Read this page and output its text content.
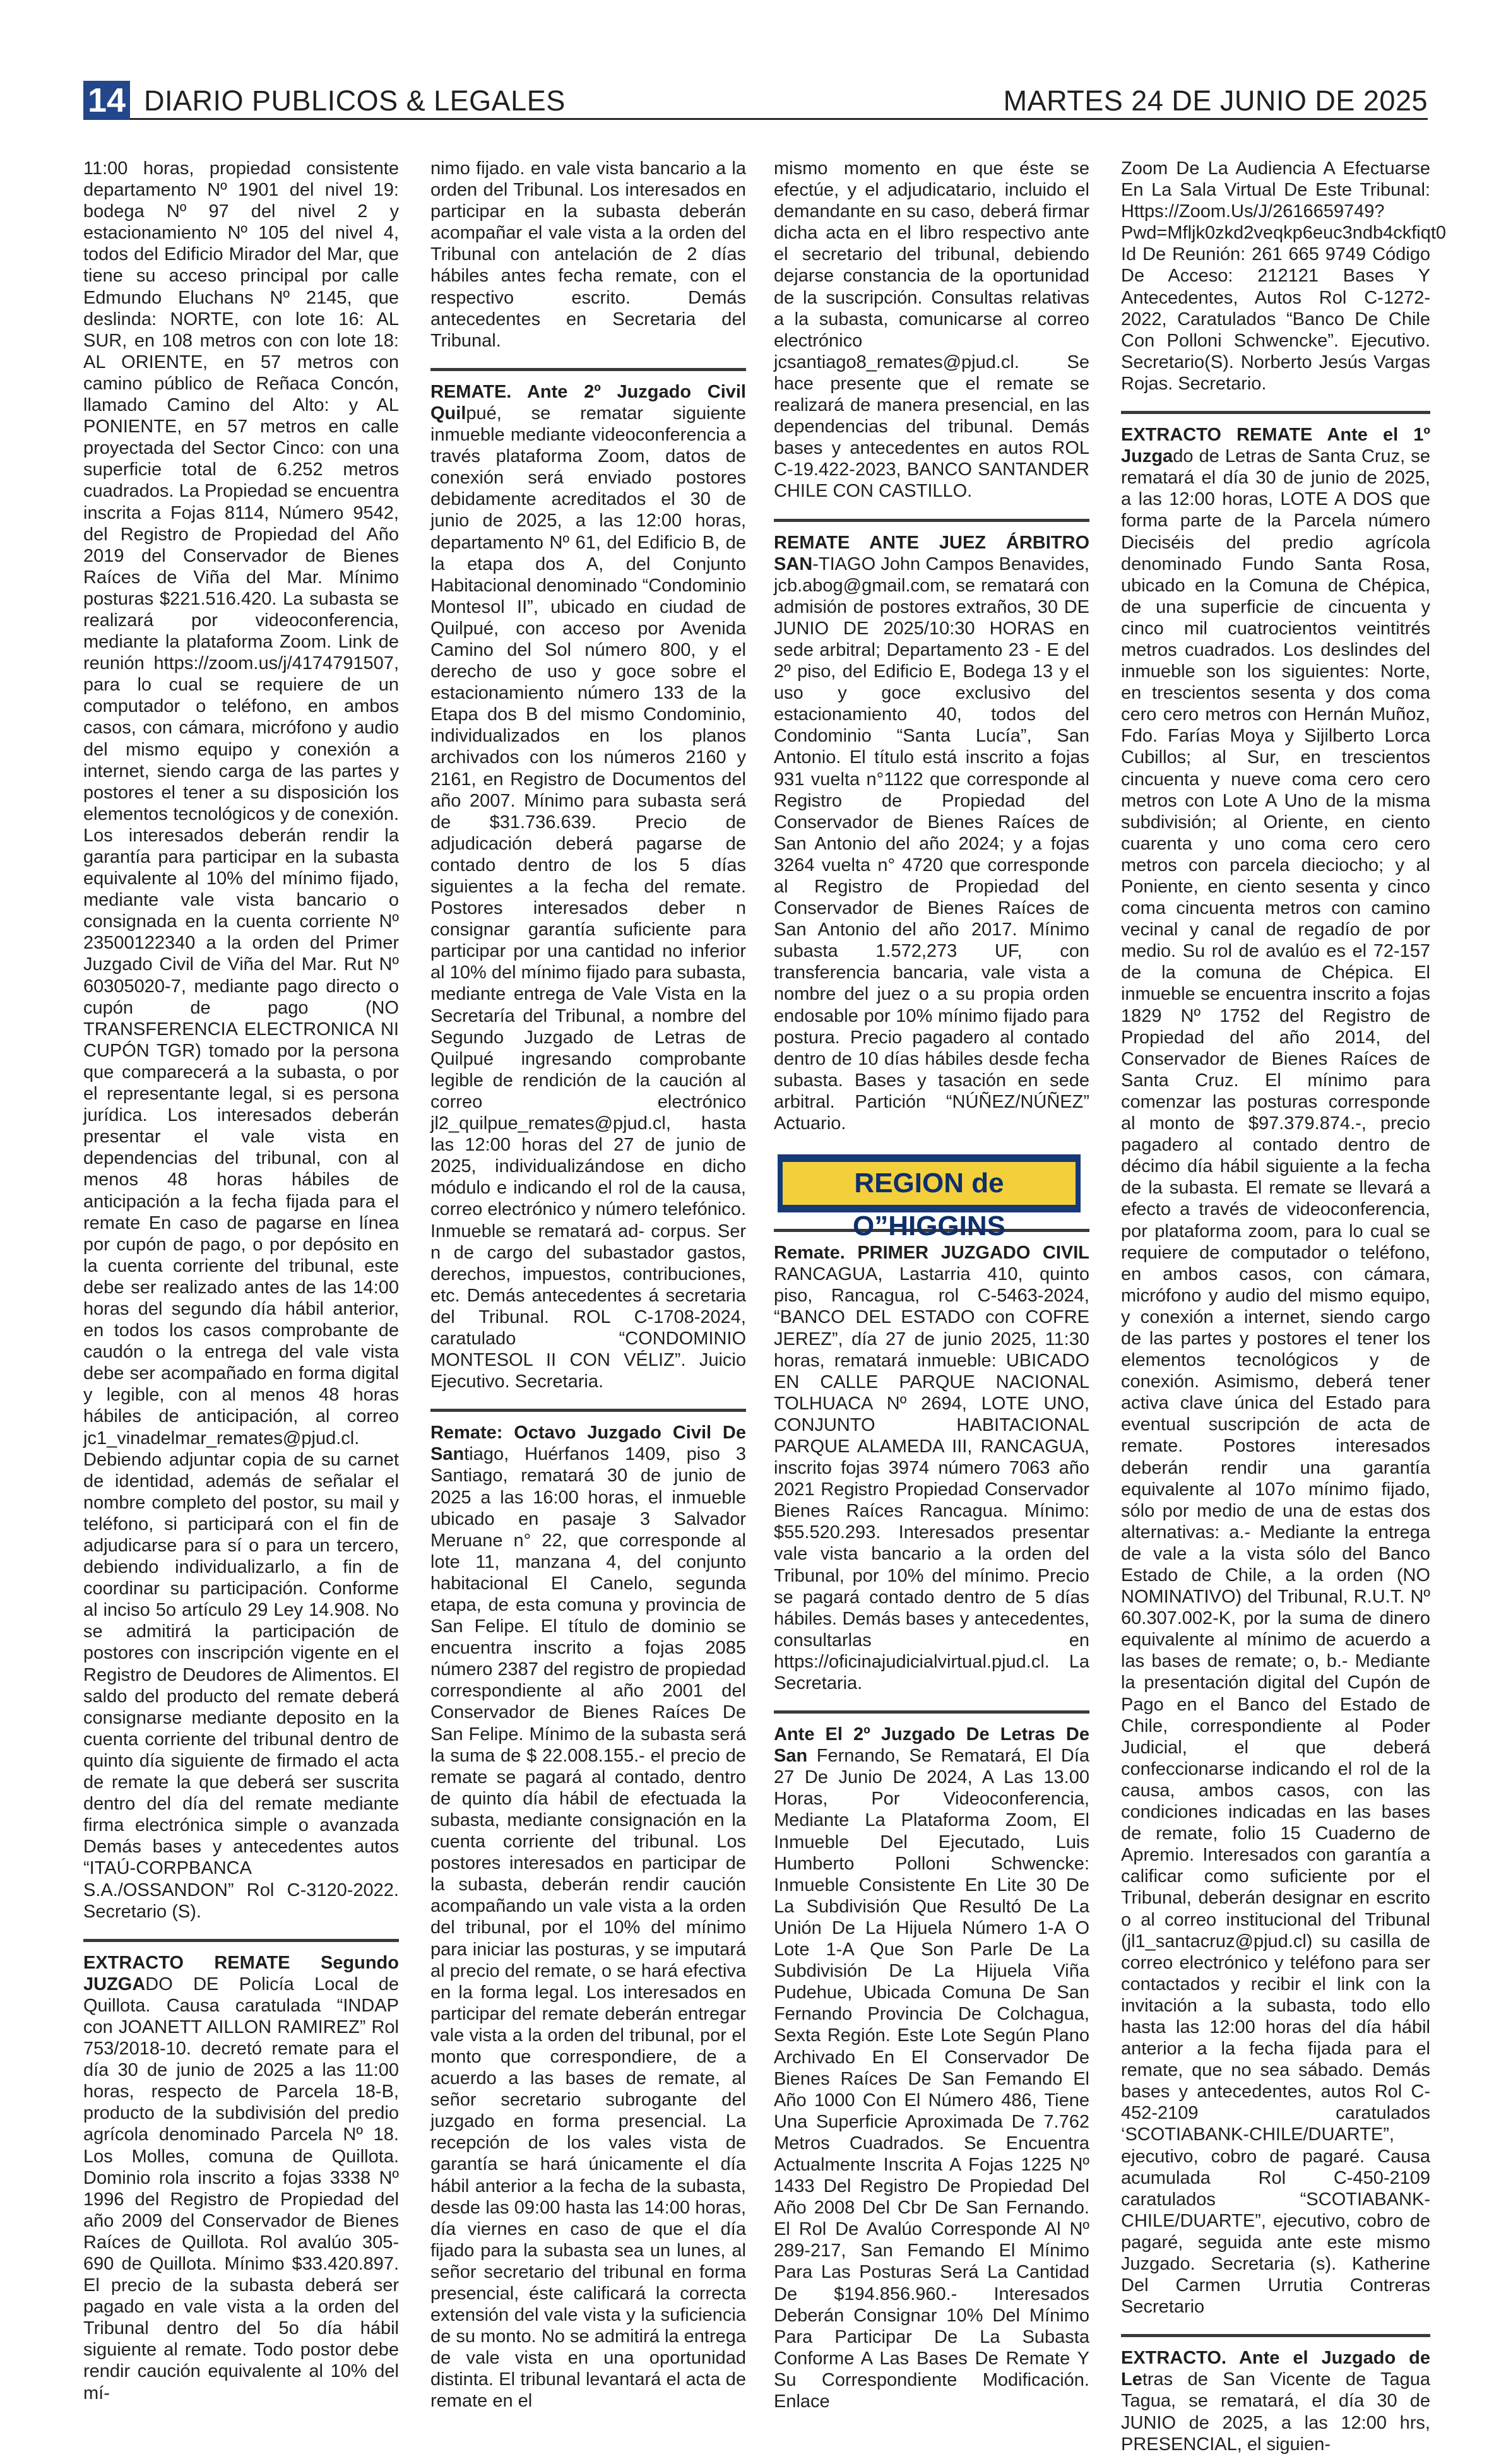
14 DIARIO PUBLICOS & LEGALES	MARTES 24 DE JUNIO DE 2025

11:00 horas, propiedad consistente departamento Nº 1901 del nivel 19: bodega Nº 97 del nivel 2 y estacionamiento Nº 105 del nivel 4, todos del Edificio Mirador del Mar, que tiene su acceso principal por calle Edmundo Eluchans Nº 2145, que deslinda: NORTE, con lote 16: AL SUR, en 108 metros con con lote 18: AL ORIENTE, en 57 metros con camino público de Reñaca Concón, llamado Camino del Alto: y AL PONIENTE, en 57 metros en calle proyectada del Sector Cinco: con una superficie total de 6.252 metros cuadrados. La Propiedad se encuentra inscrita a Fojas 8114, Número 9542, del Registro de Propiedad del Año 2019 del Conservador de Bienes Raíces de Viña del Mar. Mínimo posturas $221.516.420. La subasta se realizará por videoconferencia, mediante la plataforma Zoom. Link de reunión https://zoom.us/j/4174791507, para lo cual se requiere de un computador o teléfono, en ambos casos, con cámara, micrófono y audio del mismo equipo y conexión a internet, siendo carga de las partes y postores el tener a su disposición los elementos tecnológicos y de conexión. Los interesados deberán rendir la garantía para participar en la subasta equivalente al 10% del mínimo fijado, mediante vale vista bancario o consignada en la cuenta corriente Nº 23500122340 a la orden del Primer Juzgado Civil de Viña del Mar. Rut Nº 60305020-7, mediante pago directo o cupón de pago (NO TRANSFERENCIA ELECTRONICA NI CUPÓN TGR) tomado por la persona que comparecerá a la subasta, o por el representante legal, si es persona jurídica. Los interesados deberán presentar el vale vista en dependencias del tribunal, con al menos 48 horas hábiles de anticipación a la fecha fijada para el remate En caso de pagarse en línea por cupón de pago, o por depósito en la cuenta corriente del tribunal, este debe ser realizado antes de las 14:00 horas del segundo día hábil anterior, en todos los casos comprobante de caudón o la entrega del vale vista debe ser acompañado en forma digital y legible, con al menos 48 horas hábiles de anticipación, al correo jc1_vinadelmar_remates@pjud.cl. Debiendo adjuntar copia de su carnet de identidad, además de señalar el nombre completo del postor, su mail y teléfono, si participará con el fin de adjudicarse para sí o para un tercero, debiendo individualizarlo, a fin de coordinar su participación. Conforme al inciso 5o artículo 29 Ley 14.908. No se admitirá la participación de postores con inscripción vigente en el Registro de Deudores de Alimentos. El saldo del producto del remate deberá consignarse mediante deposito en la cuenta corriente del tribunal dentro de quinto día siguiente de firmado el acta de remate la que deberá ser suscrita dentro del día del remate mediante firma electrónica simple o avanzada Demás bases y antecedentes autos “ITAÚ-CORPBANCA S.A./OSSANDON” Rol C-3120-2022. Secretario (S).

EXTRACTO REMATE Segundo JUZGADO DE Policía Local de Quillota. Causa caratulada “INDAP con JOANETT AILLON RAMIREZ” Rol 753/2018-10. decretó remate para el día 30 de junio de 2025 a las 11:00 horas, respecto de Parcela 18-B, producto de la subdivisión del predio agrícola denominado Parcela Nº 18. Los Molles, comuna de Quillota. Dominio rola inscrito a fojas 3338 Nº 1996 del Registro de Propiedad del año 2009 del Conservador de Bienes Raíces de Quillota. Rol avalúo 305-690 de Quillota. Mínimo $33.420.897. El precio de la subasta deberá ser pagado en vale vista a la orden del Tribunal dentro del 5o día hábil siguiente al remate. Todo postor debe rendir caución equivalente al 10% del mí-

nimo fijado. en vale vista bancario a la orden del Tribunal. Los interesados en participar en la subasta deberán acompañar el vale vista a la orden del Tribunal con antelación de 2 días hábiles antes fecha remate, con el respectivo escrito. Demás antecedentes en Secretaria del Tribunal.

REMATE. Ante 2º Juzgado Civil Quilpué, se rematar siguiente inmueble mediante videoconferencia a través plataforma Zoom, datos de conexión será enviado postores debidamente acreditados el 30 de junio de 2025, a las 12:00 horas, departamento Nº 61, del Edificio B, de la etapa dos A, del Conjunto Habitacional denominado “Condominio Montesol II”, ubicado en ciudad de Quilpué, con acceso por Avenida Camino del Sol número 800, y el derecho de uso y goce sobre el estacionamiento número 133 de la Etapa dos B del mismo Condominio, individualizados en los planos archivados con los números 2160 y 2161, en Registro de Documentos del año 2007. Mínimo para subasta será de $31.736.639. Precio de adjudicación deberá pagarse de contado dentro de los 5 días siguientes a la fecha del remate. Postores interesados deber n consignar garantía suficiente para participar por una cantidad no inferior al 10% del mínimo fijado para subasta, mediante entrega de Vale Vista en la Secretaría del Tribunal, a nombre del Segundo Juzgado de Letras de Quilpué ingresando comprobante legible de rendición de la caución al correo electrónico jl2_quilpue_remates@pjud.cl, hasta las 12:00 horas del 27 de junio de 2025, individualizándose en dicho módulo e indicando el rol de la causa, correo electrónico y número telefónico. Inmueble se rematará ad- corpus. Ser n de cargo del subastador gastos, derechos, impuestos, contribuciones, etc. Demás antecedentes á secretaria del Tribunal. ROL C-1708-2024, caratulado “CONDOMINIO MONTESOL II CON VÉLIZ”. Juicio Ejecutivo. Secretaria.

Remate: Octavo Juzgado Civil De Santiago, Huérfanos 1409, piso 3 Santiago, rematará 30 de junio de 2025 a las 16:00 horas, el inmueble ubicado en pasaje 3 Salvador Meruane n° 22, que corresponde al lote 11, manzana 4, del conjunto habitacional El Canelo, segunda etapa, de esta comuna y provincia de San Felipe. El título de dominio se encuentra inscrito a fojas 2085 número 2387 del registro de propiedad correspondiente al año 2001 del Conservador de Bienes Raíces De San Felipe. Mínimo de la subasta será la suma de $ 22.008.155.- el precio de remate se pagará al contado, dentro de quinto día hábil de efectuada la subasta, mediante consignación en la cuenta corriente del tribunal. Los postores interesados en participar de la subasta, deberán rendir caución acompañando un vale vista a la orden del tribunal, por el 10% del mínimo para iniciar las posturas, y se imputará al precio del remate, o se hará efectiva en la forma legal. Los interesados en participar del remate deberán entregar vale vista a la orden del tribunal, por el monto que correspondiere, de a acuerdo a las bases de remate, al señor secretario subrogante del juzgado en forma presencial. La recepción de los vales vista de garantía se hará únicamente el día hábil anterior a la fecha de la subasta, desde las 09:00 hasta las 14:00 horas, día viernes en caso de que el día fijado para la subasta sea un lunes, al señor secretario del tribunal en forma presencial, éste calificará la correcta extensión del vale vista y la suficiencia de su monto. No se admitirá la entrega de vale vista en una oportunidad distinta. El tribunal levantará el acta de remate en el

mismo momento en que éste se efectúe, y el adjudicatario, incluido el demandante en su caso, deberá firmar dicha acta en el libro respectivo ante el secretario del tribunal, debiendo dejarse constancia de la oportunidad de la suscripción. Consultas relativas a la subasta, comunicarse al correo electrónico jcsantiago8_remates@pjud.cl. Se hace presente que el remate se realizará de manera presencial, en las dependencias del tribunal. Demás bases y antecedentes en autos ROL C-19.422-2023, BANCO SANTANDER CHILE CON CASTILLO.

REMATE ANTE JUEZ ÁRBITRO SAN-TIAGO John Campos Benavides, jcb.abog@gmail.com, se rematará con admisión de postores extraños, 30 DE JUNIO DE 2025/10:30 HORAS en sede arbitral; Departamento 23 - E del 2º piso, del Edificio E, Bodega 13 y el uso y goce exclusivo del estacionamiento 40, todos del Condominio “Santa Lucía”, San Antonio. El título está inscrito a fojas 931 vuelta n°1122 que corresponde al Registro de Propiedad del Conservador de Bienes Raíces de San Antonio del año 2024; y a fojas 3264 vuelta n° 4720 que corresponde al Registro de Propiedad del Conservador de Bienes Raíces de San Antonio del año 2017. Mínimo subasta 1.572,273 UF, con transferencia bancaria, vale vista a nombre del juez o a su propia orden endosable por 10% mínimo fijado para postura. Precio pagadero al contado dentro de 10 días hábiles desde fecha subasta. Bases y tasación en sede arbitral. Partición “NÚÑEZ/NÚÑEZ” Actuario.

REGION de O”HIGGINS

Remate. PRIMER JUZGADO CIVIL RANCAGUA, Lastarria 410, quinto piso, Rancagua, rol C-5463-2024, “BANCO DEL ESTADO con COFRE JEREZ”, día 27 de junio 2025, 11:30 horas, rematará inmueble: UBICADO EN CALLE PARQUE NACIONAL TOLHUACA Nº 2694, LOTE UNO, CONJUNTO HABITACIONAL PARQUE ALAMEDA III, RANCAGUA, inscrito fojas 3974 número 7063 año 2021 Registro Propiedad Conservador Bienes Raíces Rancagua. Mínimo: $55.520.293. Interesados presentar vale vista bancario a la orden del Tribunal, por 10% del mínimo. Precio se pagará contado dentro de 5 días hábiles. Demás bases y antecedentes, consultarlas en https://oficinajudicialvirtual.pjud.cl. La Secretaria.

Ante El 2º Juzgado De Letras De San Fernando, Se Rematará, El Día 27 De Junio De 2024, A Las 13.00 Horas, Por Videoconferencia, Mediante La Plataforma Zoom, El Inmueble Del Ejecutado, Luis Humberto Polloni Schwencke: Inmueble Consistente En Lite 30 De La Subdivisión Que Resultó De La Unión De La Hijuela Número 1-A O Lote 1-A Que Son Parle De La Subdivisión De La Hijuela Viña Pudehue, Ubicada Comuna De San Fernando Provincia De Colchagua, Sexta Región. Este Lote Según Plano Archivado En El Conservador De Bienes Raíces De San Femando El Año 1000 Con El Número 486, Tiene Una Superficie Aproximada De 7.762 Metros Cuadrados. Se Encuentra Actualmente Inscrita A Fojas 1225 Nº 1433 Del Registro De Propiedad Del Año 2008 Del Cbr De San Fernando. El Rol De Avalúo Corresponde Al Nº 289-217, San Femando El Mínimo Para Las Posturas Será La Cantidad De $194.856.960.- Interesados Deberán Consignar 10% Del Mínimo Para Participar De La Subasta Conforme A Las Bases De Remate Y Su Correspondiente Modificación. Enlace

Zoom De La Audiencia A Efectuarse En La Sala Virtual De Este Tribunal: Https://Zoom.Us/J/2616659749?Pwd=Mfljk0zkd2veqkp6euc3ndb4ckfiqt0 Id De Reunión: 261 665 9749 Código De Acceso: 212121 Bases Y Antecedentes, Autos Rol C-1272-2022, Caratulados “Banco De Chile Con Polloni Schwencke”. Ejecutivo. Secretario(S). Norberto Jesús Vargas Rojas. Secretario.

EXTRACTO REMATE Ante el 1º Juzgado de Letras de Santa Cruz, se rematará el día 30 de junio de 2025, a las 12:00 horas, LOTE A DOS que forma parte de la Parcela número Dieciséis del predio agrícola denominado Fundo Santa Rosa, ubicado en la Comuna de Chépica, de una superficie de cincuenta y cinco mil cuatrocientos veintitrés metros cuadrados. Los deslindes del inmueble son los siguientes: Norte, en trescientos sesenta y dos coma cero cero metros con Hernán Muñoz, Fdo. Farías Moya y Sijilberto Lorca Cubillos; al Sur, en trescientos cincuenta y nueve coma cero cero metros con Lote A Uno de la misma subdivisión; al Oriente, en ciento cuarenta y uno coma cero cero metros con parcela dieciocho; y al Poniente, en ciento sesenta y cinco coma cincuenta metros con camino vecinal y canal de regadío de por medio. Su rol de avalúo es el 72-157 de la comuna de Chépica. El inmueble se encuentra inscrito a fojas 1829 Nº 1752 del Registro de Propiedad del año 2014, del Conservador de Bienes Raíces de Santa Cruz. El mínimo para comenzar las posturas corresponde al monto de $97.379.874.-, precio pagadero al contado dentro de décimo día hábil siguiente a la fecha de la subasta. El remate se llevará a efecto a través de videoconferencia, por plataforma zoom, para lo cual se requiere de computador o teléfono, en ambos casos, con cámara, micrófono y audio del mismo equipo, y conexión a internet, siendo cargo de las partes y postores el tener los elementos tecnológicos y de conexión. Asimismo, deberá tener activa clave única del Estado para eventual suscripción de acta de remate. Postores interesados deberán rendir una garantía equivalente al 107o mínimo fijado, sólo por medio de una de estas dos alternativas: a.- Mediante la entrega de vale a la vista sólo del Banco Estado de Chile, a la orden (NO NOMINATIVO) del Tribunal, R.U.T. Nº 60.307.002-K, por la suma de dinero equivalente al mínimo de acuerdo a las bases de remate; o, b.- Mediante la presentación digital del Cupón de Pago en el Banco del Estado de Chile, correspondiente al Poder Judicial, el que deberá confeccionarse indicando el rol de la causa, ambos casos, con las condiciones indicadas en las bases de remate, folio 15 Cuaderno de Apremio. Interesados con garantía a calificar como suficiente por el Tribunal, deberán designar en escrito o al correo institucional del Tribunal (jl1_santacruz@pjud.cl) su casilla de correo electrónico y teléfono para ser contactados y recibir el link con la invitación a la subasta, todo ello hasta las 12:00 horas del día hábil anterior a la fecha fijada para el remate, que no sea sábado. Demás bases y antecedentes, autos Rol C-452-2109 caratulados ‘SCOTIABANK-CHILE/DUARTE”, ejecutivo, cobro de pagaré. Causa acumulada Rol C-450-2109 caratulados “SCOTIABANK-CHILE/DUARTE”, ejecutivo, cobro de pagaré, seguida ante este mismo Juzgado. Secretaria (s). Katherine Del Carmen Urrutia Contreras Secretario

EXTRACTO. Ante el Juzgado de Letras de San Vicente de Tagua Tagua, se rematará, el día 30 de JUNIO de 2025, a las 12:00 hrs, PRESENCIAL, el siguien-
